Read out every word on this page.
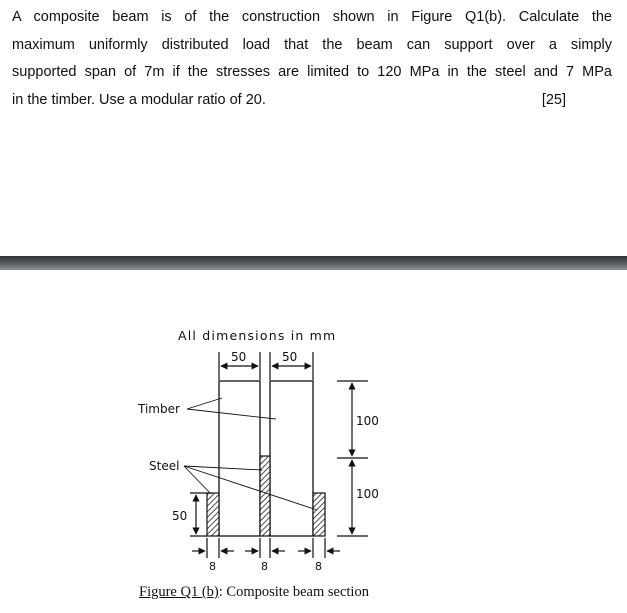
A composite beam is of the construction shown in Figure Q1(b). Calculate the
maximum uniformly distributed load that the beam can support over a simply
supported span of 7m if the stresses are limited to 120 MPa in the steel and 7 MPa
in the timber. Use a modular ratio of 20.	[25]
All dimensions in mm
50	50
Timber
Steel
100
100
50
8	8	8
Figure Q1 (b): Composite beam section
